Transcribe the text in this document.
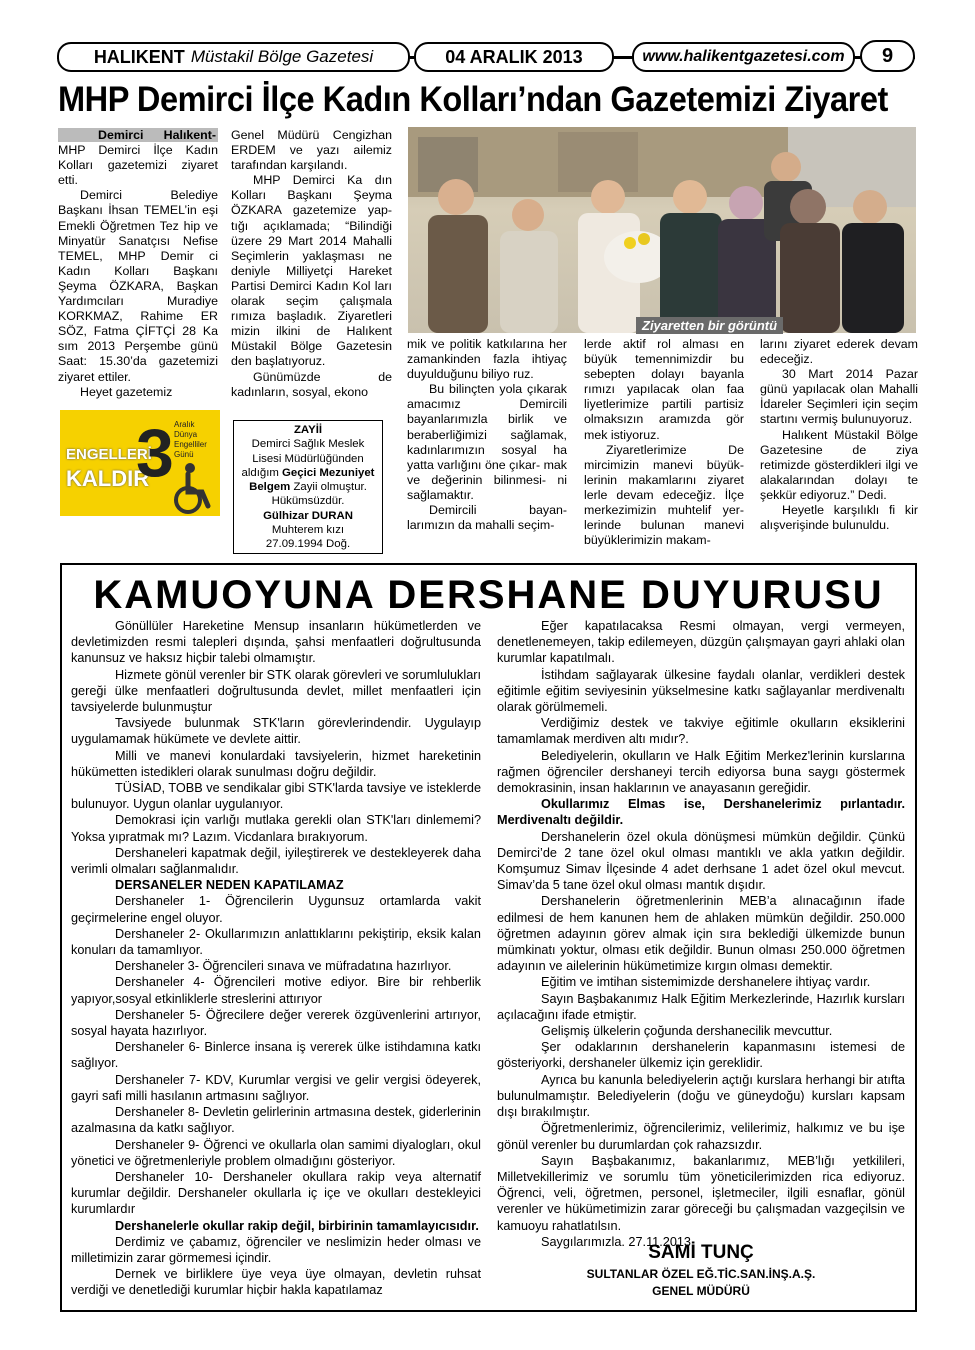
HALIKENT Müstakil Bölge Gazetesi	04 ARALIK 2013	www.halikentgazetesi.com 9
MHP Demirci İlçe Kadın Kolları’ndan Gazetemizi Ziyaret

Demirci Halıkent- MHP Demirci İlçe Kadın Kolları gazetemizi ziyaret etti.

Demirci Belediye Başkanı İhsan TEMEL’in eşi Emekli Öğretmen Tez hip ve Minyatür Sanatçısı Nefise TEMEL, MHP Demir ci Kadın Kolları Başkanı Şeyma ÖZKARA, Başkan Yardımcıları Muradiye KORKMAZ, Rahime ER SÖZ, Fatma ÇİFTÇİ 28 Ka sım 2013 Perşembe günü Saat: 15.30’da gazetemizi ziyaret ettiler.

Heyet gazetemiz

Genel Müdürü Cengizhan ERDEM ve yazı ailemiz tarafından karşılandı.

MHP Demirci Ka dın Kolları Başkanı Şeyma ÖZKARA gazetemize yap- tığı açıklamada; “Bilindiği üzere 29 Mart 2014 Mahalli Seçimlerin yaklaşması ne deniyle Milliyetçi Hareket Partisi Demirci Kadın Kol ları olarak seçim çalışmala rımıza başladık. Ziyaretleri mizin ilkini de Halıkent Müstakil Bölge Gazetesin den başlatıyoruz.

Günümüzde de kadınların, sosyal, ekono

Ziyaretten bir görüntü

mik ve politik katkılarına her zamankinden fazla ihtiyaç duyulduğunu biliyo ruz.

Bu bilinçten yola çıkarak amacımız Demircili bayanlarımızla birlik ve beraberliğimizi sağlamak, kadınlarımızın sosyal ha yatta varlığını öne çıkar- mak ve değerinin bilinmesi- ni sağlamaktır.

Demircili bayan- larımızın da mahalli seçim-

lerde aktif rol alması en büyük temennimizdir bu sebepten dolayı bayanla rımızı yapılacak olan faa liyetlerimize partili partisiz olmaksızın aramızda gör mek istiyoruz.

Ziyaretlerimize De mircimizin manevi büyük- lerinin makamlarını ziyaret lerle devam edeceğiz. İlçe merkezimizin muhtelif yer- lerinde bulunan manevi büyüklerimizin makam-

larını ziyaret ederek devam edeceğiz.

30 Mart 2014 Pazar günü yapılacak olan Mahalli İdareler Seçimleri için seçim startını vermiş bulunuyoruz.

Halıkent Müstakil Bölge Gazetesine de ziya retimizde gösterdikleri ilgi ve alakalarından dolayı te şekkür ediyoruz.” Dedi.

Heyetle karşılıklı fi kir alışverişinde bulunuldu.

ENGELLERİ
KALDIR
3 Aralık
Dünya
Engelliler
Günü
ZAYİİ
Demirci Sağlık Meslek
Lisesi Müdürlüğünden
aldığım Geçici Mezuniyet
Belgem Zayii olmuştur.
Hükümsüzdür.
Gülhizar DURAN
Muhterem kızı
27.09.1994 Doğ.
KAMUOYUNA DERSHANE DUYURUSU

Gönüllüler Hareketine Mensup insanların hükümetlerden ve devletimizden resmi talepleri dışında, şahsi menfaatleri doğrultusunda kanunsuz ve haksız hiçbir talebi olmamıştır.

Hizmete gönül verenler bir STK olarak görevleri ve sorumlulukları gereği ülke menfaatleri doğrultusunda devlet, millet menfaatleri için tavsiyelerde bulunmuştur

Tavsiyede bulunmak STK'ların görevlerindendir. Uygulayıp uygulamamak hükümete ve devlete aittir.

Milli ve manevi konulardaki tavsiyelerin, hizmet hareketinin hükümetten istedikleri olarak sunulması doğru değildir.

TÜSİAD, TOBB ve sendikalar gibi STK'larda tavsiye ve isteklerde bulunuyor. Uygun olanlar uygulanıyor.

Demokrasi için varlığı mutlaka gerekli olan STK'ları dinlememi? Yoksa yıpratmak mı? Lazım. Vicdanlara bırakıyorum.

Dershaneleri kapatmak değil, iyileştirerek ve destekleyerek daha verimli olmaları sağlanmalıdır.

DERSANELER NEDEN KAPATILAMAZ

Dershaneler 1- Öğrencilerin Uygunsuz ortamlarda vakit geçirmelerine engel oluyor.

Dershaneler 2- Okullarımızın anlattıklarını pekiştirip, eksik kalan konuları da tamamlıyor.

Dershaneler 3- Öğrencileri sınava ve müfradatına hazırlıyor.

Dershaneler 4- Öğrencileri motive ediyor. Bire bir rehberlik yapıyor,sosyal etkinliklerle streslerini attırıyor

Dershaneler 5- Öğrecilere değer vererek özgüvenlerini artırıyor, sosyal hayata hazırlıyor.

Dershaneler 6- Binlerce insana iş vererek ülke istihdamına katkı sağlıyor.

Dershaneler 7- KDV, Kurumlar vergisi ve gelir vergisi ödeyerek, gayri safi milli hasılanın artmasını sağlıyor.

Dershaneler 8- Devletin gelirlerinin artmasına destek, giderlerinin azalmasına da katkı sağlıyor.

Dershaneler 9- Öğrenci ve okullarla olan samimi diyalogları, okul yönetici ve öğretmenleriyle problem olmadığını gösteriyor.

Dershaneler 10- Dershaneler okullara rakip veya alternatif kurumlar değildir. Dershaneler okullarla iç içe ve okulları destekleyici kurumlardır

Dershanelerle okullar rakip değil, birbirinin tamamlayıcısıdır.

Derdimiz ve çabamız, öğrenciler ve neslimizin heder olması ve milletimizin zarar görmemesi içindir.

Dernek ve birliklere üye veya üye olmayan, devletin ruhsat verdiği ve denetlediği kurumlar hiçbir hakla kapatılamaz

Eğer kapatılacaksa Resmi olmayan, vergi vermeyen, denetlenemeyen, takip edilemeyen, düzgün çalışmayan gayri ahlaki olan kurumlar kapatılmalı.

İstihdam sağlayarak ülkesine faydalı olanlar, verdikleri destek eğitimle eğitim seviyesinin yükselmesine katkı sağlayanlar merdivenaltı olarak görülmemeli.

Verdiğimiz destek ve takviye eğitimle okulların eksiklerini tamamlamak merdiven altı mıdır?.

Belediyelerin, okulların ve Halk Eğitim Merkez'lerinin kurslarına rağmen öğrenciler dershaneyi tercih ediyorsa buna saygı göstermek demokrasinin, insan haklarının ve anayasanın gereğidir.

Okullarımız Elmas ise, Dershanelerimiz pırlantadır. Merdivenaltı değildir.

Dershanelerin özel okula dönüşmesi mümkün değildir. Çünkü Demirci’de 2 tane özel okul olması mantıklı ve akla yatkın değildir. Komşumuz Simav İlçesinde 4 adet derhsane 1 adet özel okul mevcut. Simav’da 5 tane özel okul olması mantık dışıdır.

Dershanelerin öğretmenlerinin MEB’a alınacağının ifade edilmesi de hem kanunen hem de ahlaken mümkün değildir. 250.000 öğretmen adayının görev almak için sıra beklediği ülkemizde bunun mümkinatı yoktur, olması etik değildir. Bunun olması 250.000 öğretmen adayının ve ailelerinin hükümetimize kırgın olması demektir.

Eğitim ve imtihan sistemimizde dershanelere ihtiyaç vardır.

Sayın Başbakanımız Halk Eğitim Merkezlerinde, Hazırlık kursları açılacağını ifade etmiştir.

Gelişmiş ülkelerin çoğunda dershanecilik mevcuttur.

Şer odaklarının dershanelerin kapanmasını istemesi de gösteriyorki, dershaneler ülkemiz için gereklidir.

Ayrıca bu kanunla belediyelerin açtığı kurslara herhangi bir atıfta bulunulmamıştır. Belediyelerin (doğu ve güneydoğu) kursları kapsam dışı bırakılmıştır.

Öğretmenlerimiz, öğrencilerimiz, velilerimiz, halkımız ve bu işe gönül verenler bu durumlardan çok rahazsızdır.

Sayın Başbakanımız, bakanlarımız, MEB’lığı yetkilileri, Milletvekillerimiz ve sorumlu tüm yöneticilerimizden rica ediyoruz. Öğrenci, veli, öğretmen, personel, işletmeciler, ilgili esnaflar, gönül verenler ve hükümetimizin zarar göreceği bu çalışmadan vazgeçilsin ve kamuoyu rahatlatılsın.

Saygılarımızla. 27.11.2013

SAMİ TUNÇ
SULTANLAR ÖZEL EĞ.TİC.SAN.İNŞ.A.Ş.
GENEL MÜDÜRÜ
